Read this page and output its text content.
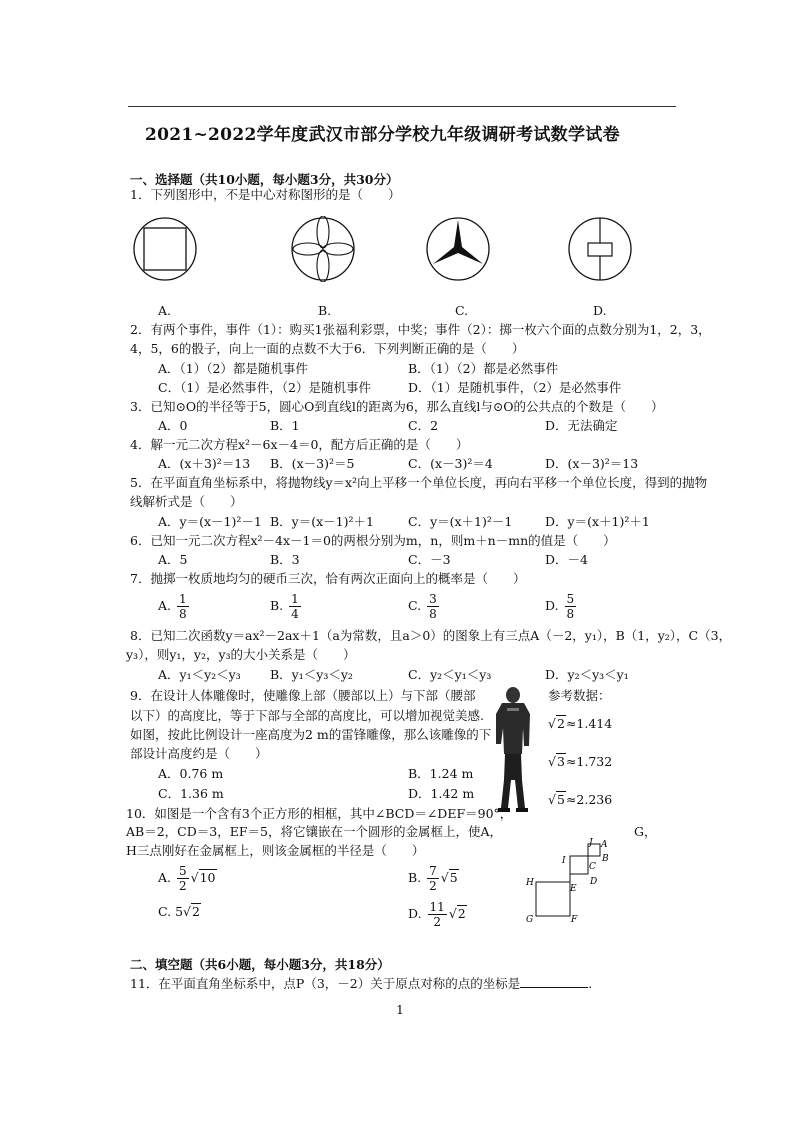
2021~2022学年度武汉市部分学校九年级调研考试数学试卷
一、选择题（共10小题，每小题3分，共30分）
1．下列图形中，不是中心对称图形的是（　　）
A.	B.	C.	D.
2．有两个事件，事件（1）：购买1张福利彩票，中奖；事件（2）：掷一枚六个面的点数分别为1，2，3，
4，5，6的骰子，向上一面的点数不大于6．下列判断正确的是（　　）
A．（1）（2）都是随机事件	B．（1）（2）都是必然事件
C．（1）是必然事件，（2）是随机事件	D．（1）是随机事件，（2）是必然事件
3．已知⊙O的半径等于5，圆心O到直线l的距离为6，那么直线l与⊙O的公共点的个数是（　　）
A．0	B．1	C．2	D．无法确定
4．解一元二次方程x²－6x－4＝0，配方后正确的是（　　）
A．(x＋3)²＝13 B．(x－3)²＝5	C．(x－3)²＝4	D．(x－3)²＝13
5．在平面直角坐标系中，将抛物线y＝x²向上平移一个单位长度，再向右平移一个单位长度，得到的抛物
线解析式是（　　）
A．y＝(x－1)²－1 B．y＝(x－1)²＋1	C．y＝(x＋1)²－1	D．y＝(x＋1)²＋1
6．已知一元二次方程x²－4x－1＝0的两根分别为m，n，则m＋n－mn的值是（　　）
A．5	B．3	C．－3	D．－4
7．抛掷一枚质地均匀的硬币三次，恰有两次正面向上的概率是（　　）
A. $\frac{1}{8}$	B. $\frac{1}{4}$	C. $\frac{3}{8}$	D. $\frac{5}{8}$
8．已知二次函数y＝ax²－2ax＋1（a为常数，且a＞0）的图象上有三点A（－2，y₁），B（1，y₂），C（3，
y₃），则y₁，y₂，y₃的大小关系是（　　）
A．y₁＜y₂＜y₃ B．y₁＜y₃＜y₂	C．y₂＜y₁＜y₃	D．y₂＜y₃＜y₁
9．在设计人体雕像时，使雕像上部（腰部以上）与下部（腰部
以下）的高度比，等于下部与全部的高度比，可以增加视觉美感.
如图，按此比例设计一座高度为2 m的雷锋雕像，那么该雕像的下
部设计高度约是（　　）
A．0.76 m	B．1.24 m
C．1.36 m	D．1.42 m
参考数据：
√2≈1.414
√3≈1.732
√5≈2.236
10．如图是一个含有3个正方形的相框，其中∠BCD＝∠DEF＝90°，
AB＝2，CD＝3，EF＝5，将它镶嵌在一个圆形的金属框上，使A，	G，
H三点刚好在金属框上，则该金属框的半径是（　　）
A. $\frac{5}{2} √10$	B. $\frac{7}{2} √5$
C. 5√2	D. $\frac{11}{2} √2$
J A
B
I
C
H
E
D
G	F
二、填空题（共6小题，每小题3分，共18分）
11．在平面直角坐标系中，点P（3，－2）关于原点对称的点的坐标是	.
1
